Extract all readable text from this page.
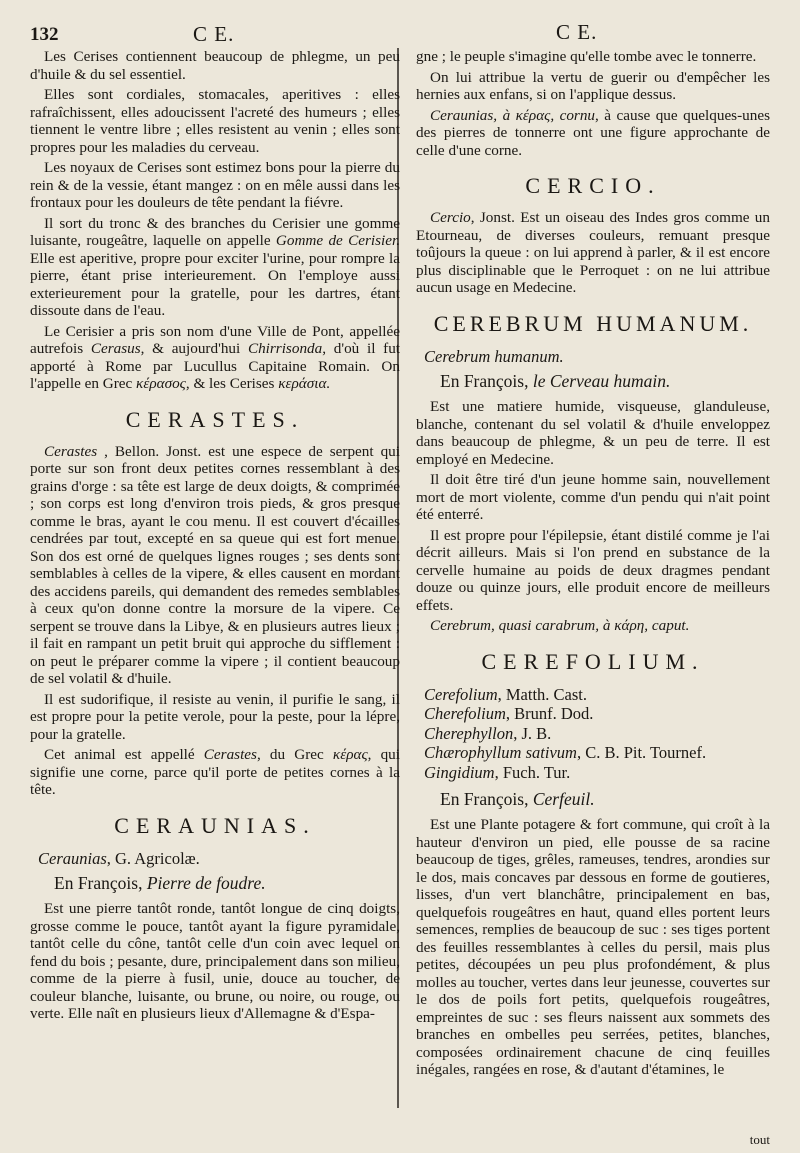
132	C E.	C E.

Les Cerises contiennent beaucoup de phlegme, un peu d'huile & du sel essentiel.

Elles sont cordiales, stomacales, aperitives : elles rafraîchissent, elles adoucissent l'acreté des humeurs ; elles tiennent le ventre libre ; elles resistent au venin ; elles sont propres pour les maladies du cerveau.

Les noyaux de Cerises sont estimez bons pour la pierre du rein & de la vessie, étant mangez : on en mêle aussi dans les frontaux pour les douleurs de tête pendant la fiévre.

Il sort du tronc & des branches du Cerisier une gomme luisante, rougeâtre, laquelle on appelle Gomme de Cerisier. Elle est aperitive, propre pour exciter l'urine, pour rompre la pierre, étant prise interieurement. On l'employe aussi exterieurement pour la gratelle, pour les dartres, étant dissoute dans de l'eau.

Le Cerisier a pris son nom d'une Ville de Pont, appellée autrefois Cerasus, & aujourd'hui Chirrisonda, d'où il fut apporté à Rome par Lucullus Capitaine Romain. On l'appelle en Grec κέρασος, & les Cerises κεράσια.

CERASTES.

Cerastes , Bellon. Jonst. est une espece de serpent qui porte sur son front deux petites cornes ressemblant à des grains d'orge : sa tête est large de deux doigts, & comprimée ; son corps est long d'environ trois pieds, & gros presque comme le bras, ayant le cou menu. Il est couvert d'écailles cendrées par tout, excepté en sa queue qui est fort menue. Son dos est orné de quelques lignes rouges ; ses dents sont semblables à celles de la vipere, & elles causent en mordant des accidens pareils, qui demandent des remedes semblables à ceux qu'on donne contre la morsure de la vipere. Ce serpent se trouve dans la Libye, & en plusieurs autres lieux ; il fait en rampant un petit bruit qui approche du sifflement : on peut le préparer comme la vipere ; il contient beaucoup de sel volatil & d'huile.

Il est sudorifique, il resiste au venin, il purifie le sang, il est propre pour la petite verole, pour la peste, pour la lépre, pour la gratelle.

Cet animal est appellé Cerastes, du Grec κέρας, qui signifie une corne, parce qu'il porte de petites cornes à la tête.

CERAUNIAS.

Ceraunias, G. Agricolæ.

En François, Pierre de foudre.

Est une pierre tantôt ronde, tantôt longue de cinq doigts, grosse comme le pouce, tantôt ayant la figure pyramidale, tantôt celle du cône, tantôt celle d'un coin avec lequel on fend du bois ; pesante, dure, principalement dans son milieu, comme de la pierre à fusil, unie, douce au toucher, de couleur blanche, luisante, ou brune, ou noire, ou rouge, ou verte. Elle naît en plusieurs lieux d'Allemagne & d'Espa-

gne ; le peuple s'imagine qu'elle tombe avec le tonnerre.

On lui attribue la vertu de guerir ou d'empêcher les hernies aux enfans, si on l'applique dessus.

Ceraunias, à κέρας, cornu, à cause que quelques-unes des pierres de tonnerre ont une figure approchante de celle d'une corne.

CERCIO.

Cercio, Jonst. Est un oiseau des Indes gros comme un Etourneau, de diverses couleurs, remuant presque toûjours la queue : on lui apprend à parler, & il est encore plus disciplinable que le Perroquet : on ne lui attribue aucun usage en Medecine.

CEREBRUM HUMANUM.

Cerebrum humanum.

En François, le Cerveau humain.

Est une matiere humide, visqueuse, glanduleuse, blanche, contenant du sel volatil & d'huile enveloppez dans beaucoup de phlegme, & un peu de terre. Il est employé en Medecine.

Il doit être tiré d'un jeune homme sain, nouvellement mort de mort violente, comme d'un pendu qui n'ait point été enterré.

Il est propre pour l'épilepsie, étant distilé comme je l'ai décrit ailleurs. Mais si l'on prend en substance de la cervelle humaine au poids de deux dragmes pendant douze ou quinze jours, elle produit encore de meilleurs effets.

Cerebrum, quasi carabrum, à κάρη, caput.

CEREFOLIUM.

Cerefolium, Matth. Cast.

Cherefolium, Brunf. Dod.

Cherephyllon, J. B.

Chærophyllum sativum, C. B. Pit. Tournef.

Gingidium, Fuch. Tur.

En François, Cerfeuil.

Est une Plante potagere & fort commune, qui croît à la hauteur d'environ un pied, elle pousse de sa racine beaucoup de tiges, grêles, rameuses, tendres, arondies sur le dos, mais concaves par dessous en forme de goutieres, lisses, d'un vert blanchâtre, principalement en bas, quelquefois rougeâtres en haut, quand elles portent leurs semences, remplies de beaucoup de suc : ses tiges portent des feuilles ressemblantes à celles du persil, mais plus petites, découpées un peu plus profondément, & plus molles au toucher, vertes dans leur jeunesse, couvertes sur le dos de poils fort petits, quelquefois rougeâtres, empreintes de suc : ses fleurs naissent aux sommets des branches en ombelles peu serrées, petites, blanches, composées ordinairement chacune de cinq feuilles inégales, rangées en rose, & d'autant d'étamines, le

tout
